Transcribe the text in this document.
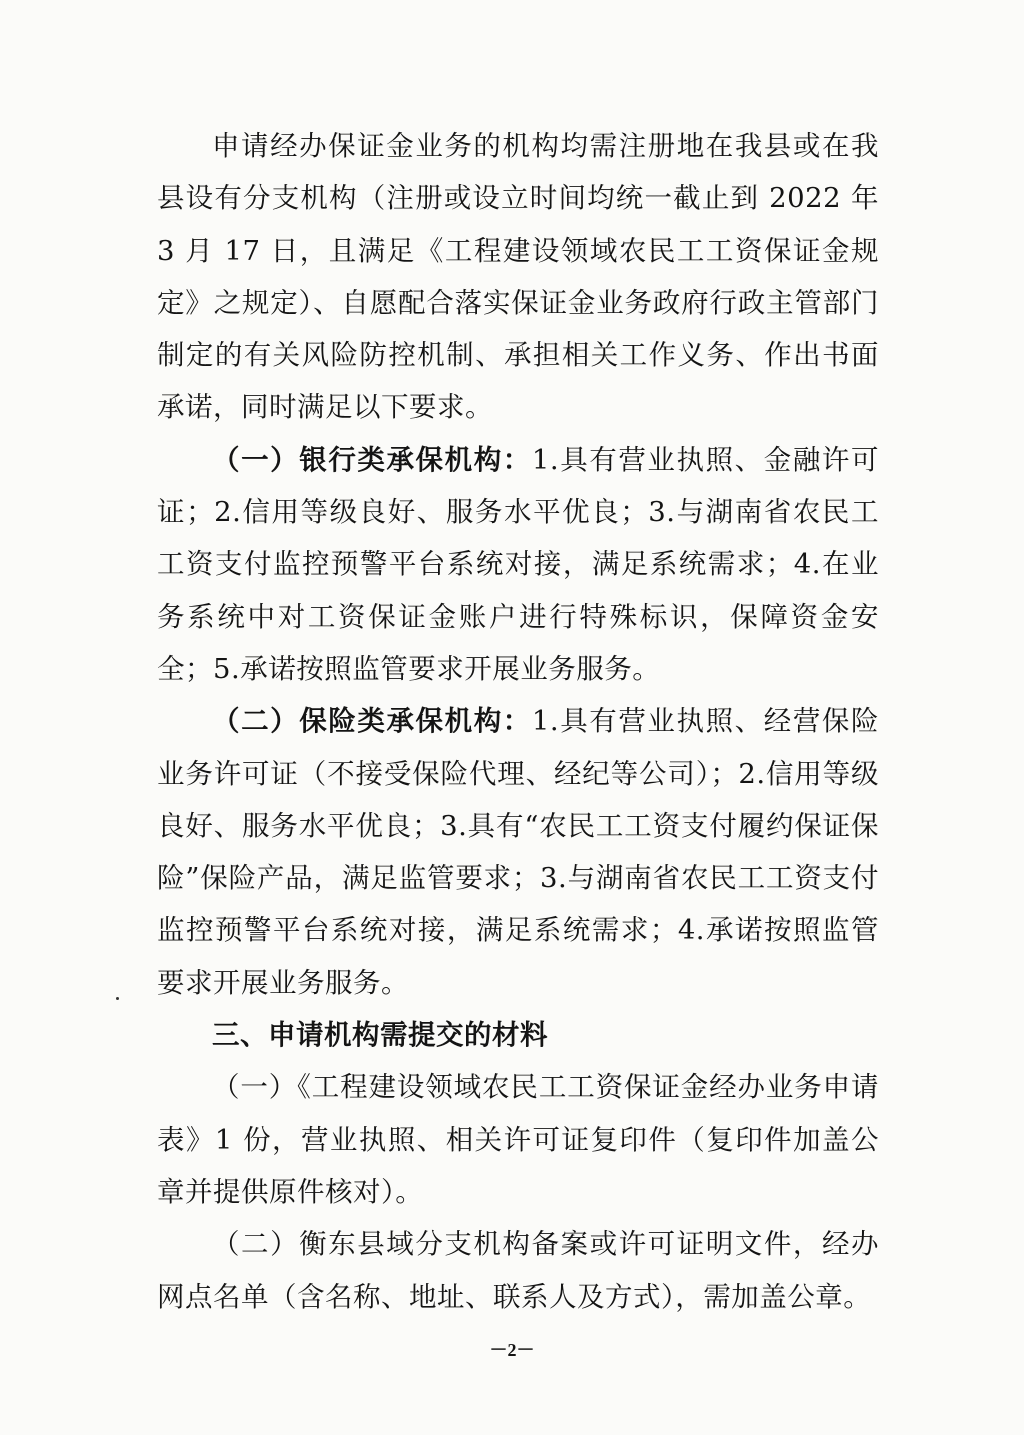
申请经办保证金业务的机构均需注册地在我县或在我县设有分支机构（注册或设立时间均统一截止到 2022 年 3 月 17 日，且满足《工程建设领域农民工工资保证金规定》之规定）、自愿配合落实保证金业务政府行政主管部门制定的有关风险防控机制、承担相关工作义务、作出书面承诺，同时满足以下要求。

（一）银行类承保机构：1.具有营业执照、金融许可证；2.信用等级良好、服务水平优良；3.与湖南省农民工工资支付监控预警平台系统对接，满足系统需求；4.在业务系统中对工资保证金账户进行特殊标识，保障资金安全；5.承诺按照监管要求开展业务服务。

（二）保险类承保机构：1.具有营业执照、经营保险业务许可证（不接受保险代理、经纪等公司）；2.信用等级良好、服务水平优良；3.具有“农民工工资支付履约保证保险”保险产品，满足监管要求；3.与湖南省农民工工资支付监控预警平台系统对接，满足系统需求；4.承诺按照监管要求开展业务服务。

三、申请机构需提交的材料

（一）《工程建设领域农民工工资保证金经办业务申请表》1 份，营业执照、相关许可证复印件（复印件加盖公章并提供原件核对）。

（二）衡东县域分支机构备案或许可证明文件，经办网点名单（含名称、地址、联系人及方式），需加盖公章。

－2－
